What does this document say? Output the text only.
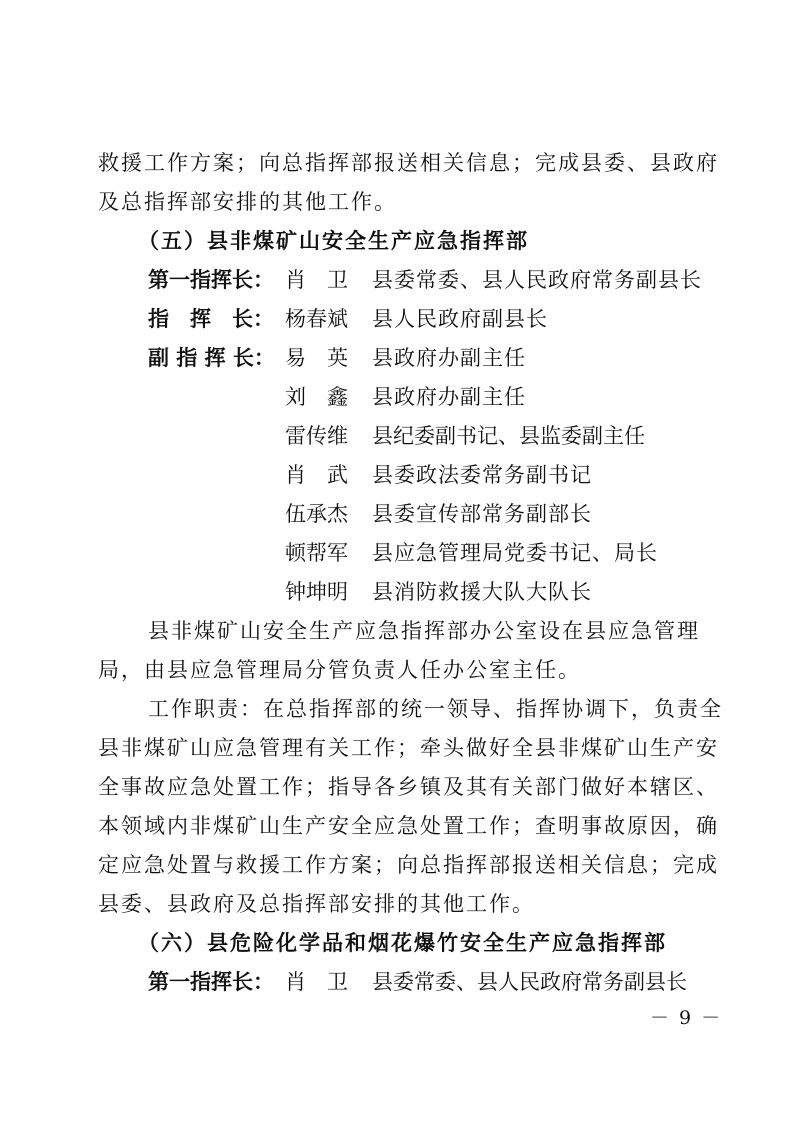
救援工作方案；向总指挥部报送相关信息；完成县委、县政府
及总指挥部安排的其他工作。
（五）县非煤矿山安全生产应急指挥部
第一指挥长： 肖　卫 县委常委、县人民政府常务副县长
指　挥　长： 杨春斌 县人民政府副县长
副 指 挥 长： 易　英 县政府办副主任
刘　鑫 县政府办副主任
雷传维 县纪委副书记、县监委副主任
肖　武 县委政法委常务副书记
伍承杰 县委宣传部常务副部长
顿帮军 县应急管理局党委书记、局长
钟坤明 县消防救援大队大队长
县非煤矿山安全生产应急指挥部办公室设在县应急管理
局，由县应急管理局分管负责人任办公室主任。
工作职责：在总指挥部的统一领导、指挥协调下，负责全
县非煤矿山应急管理有关工作；牵头做好全县非煤矿山生产安
全事故应急处置工作；指导各乡镇及其有关部门做好本辖区、
本领域内非煤矿山生产安全应急处置工作；查明事故原因，确
定应急处置与救援工作方案；向总指挥部报送相关信息；完成
县委、县政府及总指挥部安排的其他工作。
（六）县危险化学品和烟花爆竹安全生产应急指挥部
第一指挥长： 肖　卫 县委常委、县人民政府常务副县长
－ 9 －
